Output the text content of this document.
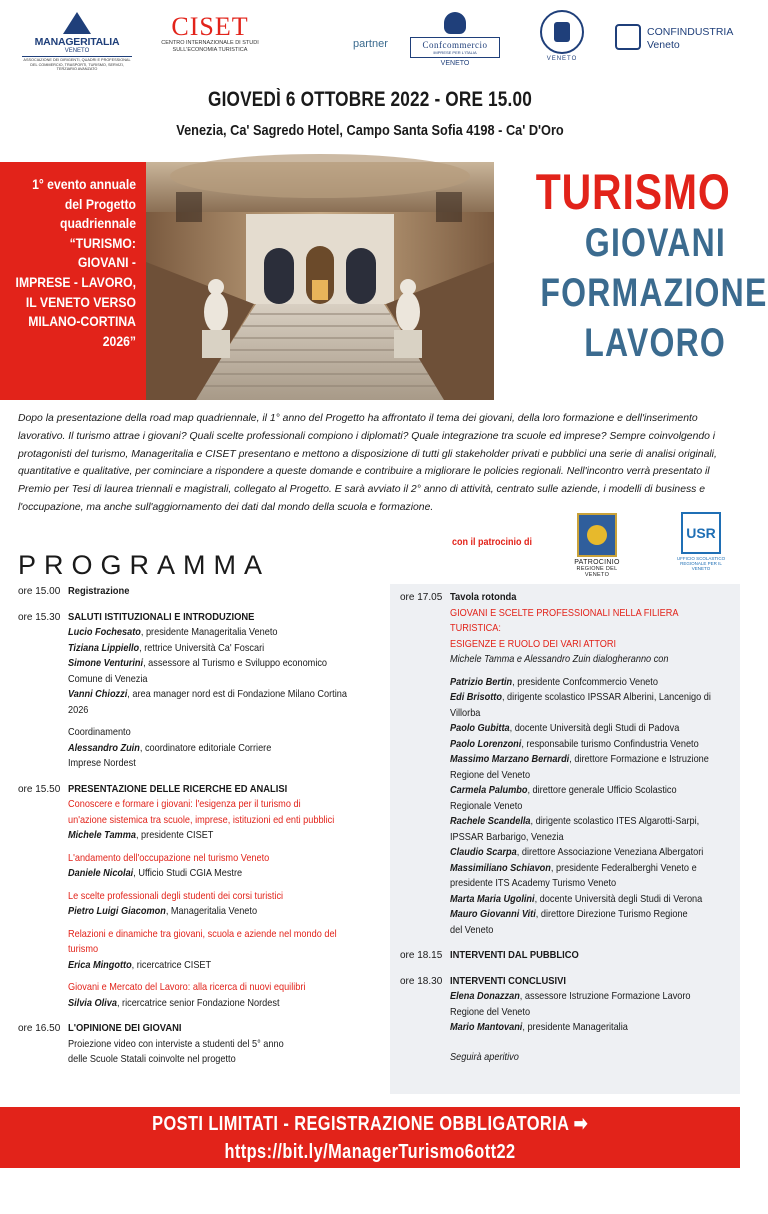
MANAGERITALIA
VENETO
ASSOCIAZIONE DEI DIRIGENTI, QUADRI E PROFESSIONAL DEL COMMERCIO, TRASPORTI, TURISMO, SERVIZI, TERZIARIO AVANZATO
CISET
CENTRO INTERNAZIONALE DI STUDI
SULL'ECONOMIA TURISTICA	partner	Confcommercio
IMPRESE PER L'ITALIA
VENETO
VENETO
CONFINDUSTRIA
Veneto
GIOVEDÌ 6 OTTOBRE 2022 - ORE 15.00
Venezia, Ca' Sagredo Hotel, Campo Santa Sofia 4198 - Ca' D'Oro

1° evento annuale
del Progetto
quadriennale
“TURISMO:
GIOVANI -
IMPRESE - LAVORO,
IL VENETO VERSO
MILANO-CORTINA
2026”

TURISMO
GIOVANI
FORMAZIONE
LAVORO
Dopo la presentazione della road map quadriennale, il 1° anno del Progetto ha affrontato il tema dei giovani, della loro formazione e dell'inserimento lavorativo. Il turismo attrae i giovani? Quali scelte professionali compiono i diplomati? Quale integrazione tra scuole ed imprese? Sempre coinvolgendo i protagonisti del turismo, Manageritalia e CISET presentano e mettono a disposizione di tutti gli stakeholder privati e pubblici una serie di analisi originali, quantitative e qualitative, per cominciare a rispondere a queste domande e contribuire a migliorare le policies regionali. Nell'incontro verrà presentato il Premio per Tesi di laurea triennali e magistrali, collegato al Progetto. E sarà avviato il 2° anno di attività, centrato sulle aziende, i modelli di business e l'occupazione, ma anche sull'aggiornamento dei dati dal mondo della scuola e formazione.
con il patrocinio di
PATROCINIO
REGIONE DEL VENETO
USR
UFFICIO SCOLASTICO REGIONALE PER IL VENETO
PROGRAMMA
ore 15.00 Registrazione
ore 15.30 SALUTI ISTITUZIONALI E INTRODUZIONE
Lucio Fochesato, presidente Manageritalia Veneto
Tiziana Lippiello, rettrice Università Ca' Foscari
Simone Venturini, assessore al Turismo e Sviluppo economico
Comune di Venezia
Vanni Chiozzi, area manager nord est di Fondazione Milano Cortina
2026
Coordinamento
Alessandro Zuin, coordinatore editoriale Corriere
Imprese Nordest
ore 15.50 PRESENTAZIONE DELLE RICERCHE ED ANALISI
Conoscere e formare i giovani: l'esigenza per il turismo di
un'azione sistemica tra scuole, imprese, istituzioni ed enti pubblici
Michele Tamma, presidente CISET
L'andamento dell'occupazione nel turismo Veneto
Daniele Nicolai, Ufficio Studi CGIA Mestre
Le scelte professionali degli studenti dei corsi turistici
Pietro Luigi Giacomon, Manageritalia Veneto
Relazioni e dinamiche tra giovani, scuola e aziende nel mondo del
turismo
Erica Mingotto, ricercatrice CISET
Giovani e Mercato del Lavoro: alla ricerca di nuovi equilibri
Silvia Oliva, ricercatrice senior Fondazione Nordest
ore 16.50 L'OPINIONE DEI GIOVANI
Proiezione video con interviste a studenti del 5° anno
delle Scuole Statali coinvolte nel progetto
ore 17.05 Tavola rotonda
GIOVANI E SCELTE PROFESSIONALI NELLA FILIERA TURISTICA:
ESIGENZE E RUOLO DEI VARI ATTORI
Michele Tamma e Alessandro Zuin dialogheranno con
Patrizio Bertin, presidente Confcommercio Veneto
Edi Brisotto, dirigente scolastico IPSSAR Alberini, Lancenigo di
Villorba
Paolo Gubitta, docente Università degli Studi di Padova
Paolo Lorenzoni, responsabile turismo Confindustria Veneto
Massimo Marzano Bernardi, direttore Formazione e Istruzione
Regione del Veneto
Carmela Palumbo, direttore generale Ufficio Scolastico
Regionale Veneto
Rachele Scandella, dirigente scolastico ITES Algarotti-Sarpi,
IPSSAR Barbarigo, Venezia
Claudio Scarpa, direttore Associazione Veneziana Albergatori
Massimiliano Schiavon, presidente Federalberghi Veneto e
presidente ITS Academy Turismo Veneto
Marta Maria Ugolini, docente Università degli Studi di Verona
Mauro Giovanni Viti, direttore Direzione Turismo Regione
del Veneto
ore 18.15 INTERVENTI DAL PUBBLICO
ore 18.30 INTERVENTI CONCLUSIVI
Elena Donazzan, assessore Istruzione Formazione Lavoro
Regione del Veneto
Mario Mantovani, presidente Manageritalia
Seguirà aperitivo
POSTI LIMITATI - REGISTRAZIONE OBBLIGATORIA ➡ https://bit.ly/ManagerTurismo6ott22
DIRETTA STREAMING SUI CANALI YOUTUBE, FACEBOOK E LINKEDIN DI MANAGERITALIA
